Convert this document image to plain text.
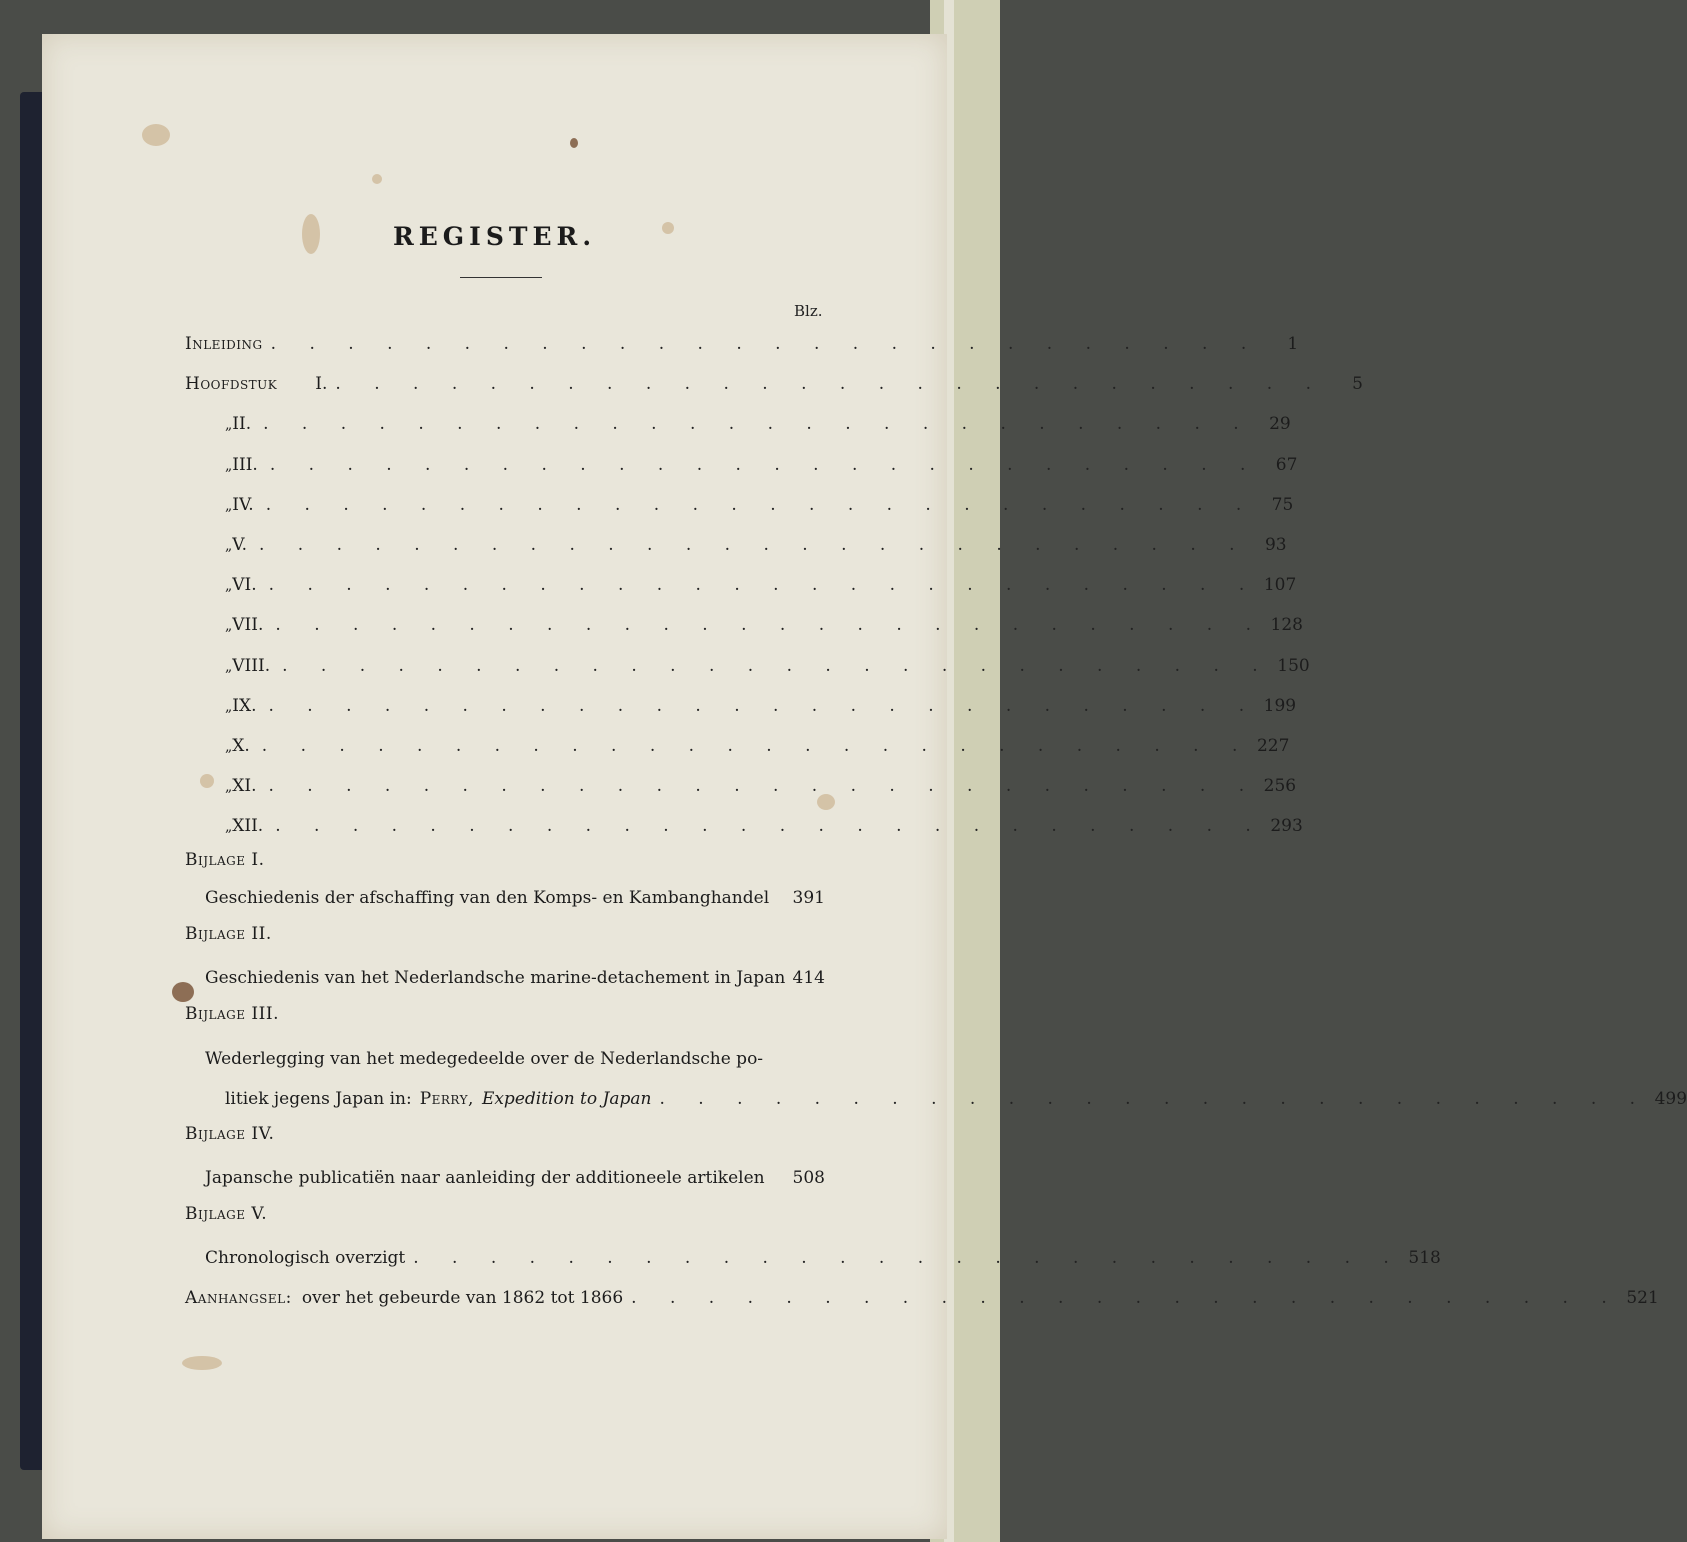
REGISTER.
Blz.
Inleiding . . . . . . . . . . . . . . . . . . . . . . . . . .	1
Hoofdstuk	I. . . . . . . . . . . . . . . . . . . . . . . . . . .	5
„ II. . . . . . . . . . . . . . . . . . . . . . . . . . . 29
„ III. . . . . . . . . . . . . . . . . . . . . . . . . . . 67
„ IV. . . . . . . . . . . . . . . . . . . . . . . . . . . 75
„ V. . . . . . . . . . . . . . . . . . . . . . . . . . . 93
„ VI. . . . . . . . . . . . . . . . . . . . . . . . . . . 107
„ VII. . . . . . . . . . . . . . . . . . . . . . . . . . . 128
„ VIII. . . . . . . . . . . . . . . . . . . . . . . . . . . 150
„ IX. . . . . . . . . . . . . . . . . . . . . . . . . . . 199
„ X. . . . . . . . . . . . . . . . . . . . . . . . . . . 227
„ XI. . . . . . . . . . . . . . . . . . . . . . . . . . . 256
„ XII. . . . . . . . . . . . . . . . . . . . . . . . . . . 293
Bijlage I.
Geschiedenis der afschaffing van den Komps- en Kambanghandel	391
Bijlage II.
Geschiedenis van het Nederlandsche marine-detachement in Japan 414
Bijlage III.
Wederlegging van het medegedeelde over de Nederlandsche po-
litiek jegens Japan in: Perry, Expedition to Japan . . . . . . . . . . . . . . . . . . . . . . . . . . 499
Bijlage IV.
Japansche publicatiën naar aanleiding der additioneele artikelen	508
Bijlage V.
Chronologisch overzigt . . . . . . . . . . . . . . . . . . . . . . . . . . 518
Aanhangsel: over het gebeurde van 1862 tot 1866 . . . . . . . . . . . . . . . . . . . . . . . . . . 521
